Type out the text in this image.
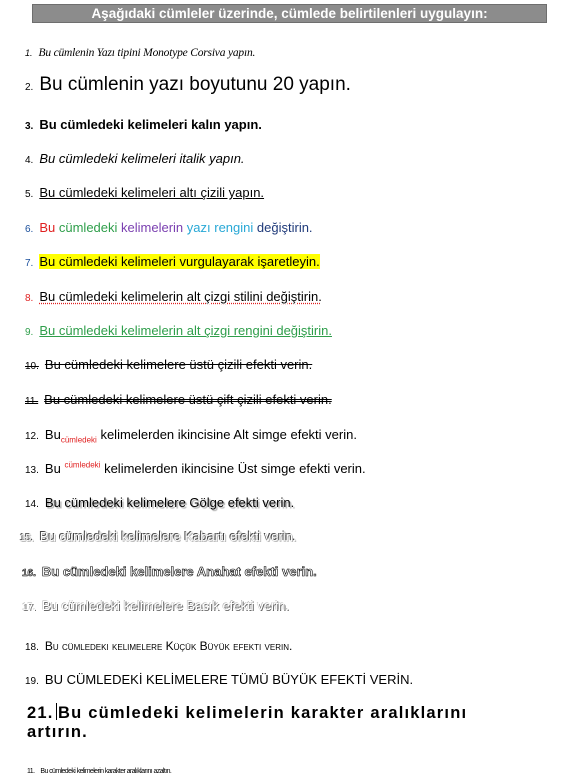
Aşağıdaki cümleler üzerinde, cümlede belirtilenleri uygulayın:
1. Bu cümlenin Yazı tipini Monotype Corsiva yapın.
2. Bu cümlenin yazı boyutunu 20 yapın.
3. Bu cümledeki kelimeleri kalın yapın.
4. Bu cümledeki kelimeleri italik yapın.
5. Bu cümledeki kelimeleri altı çizili yapın.
6. Bu cümledeki kelimelerin yazı rengini değiştirin.
7. Bu cümledeki kelimeleri vurgulayarak işaretleyin.
8. Bu cümledeki kelimelerin alt çizgi stilini değiştirin.
9. Bu cümledeki kelimelerin alt çizgi rengini değiştirin.
10. Bu cümledeki kelimelere üstü çizili efekti verin.
11. Bu cümledeki kelimelere üstü çift çizili efekti verin.
12. $Bu_{cümledeki}$ kelimelerden ikincisine Alt simge efekti verin.
13. Bu $^{cümledeki}$ kelimelerden ikincisine Üst simge efekti verin.
14. Bu cümledeki kelimelere Gölge efekti verin.
15. Bu cümledeki kelimelere Kabartı efekti verin.
16. Bu cümledeki kelimelere Anahat efekti verin.
17. Bu cümledeki kelimelere Basık efekti verin.
18. Bu cümledeki kelimelere Küçük Büyük efekti verin.
19. BU CÜMLEDEKİ KELİMELERE TÜMÜ BÜYÜK EFEKTİ VERİN.
21. Bu cümledeki kelimelerin karakter aralıklarını artırın.
11. Bu cümledeki kelimelerin karakter aralıklarını azaltın.
